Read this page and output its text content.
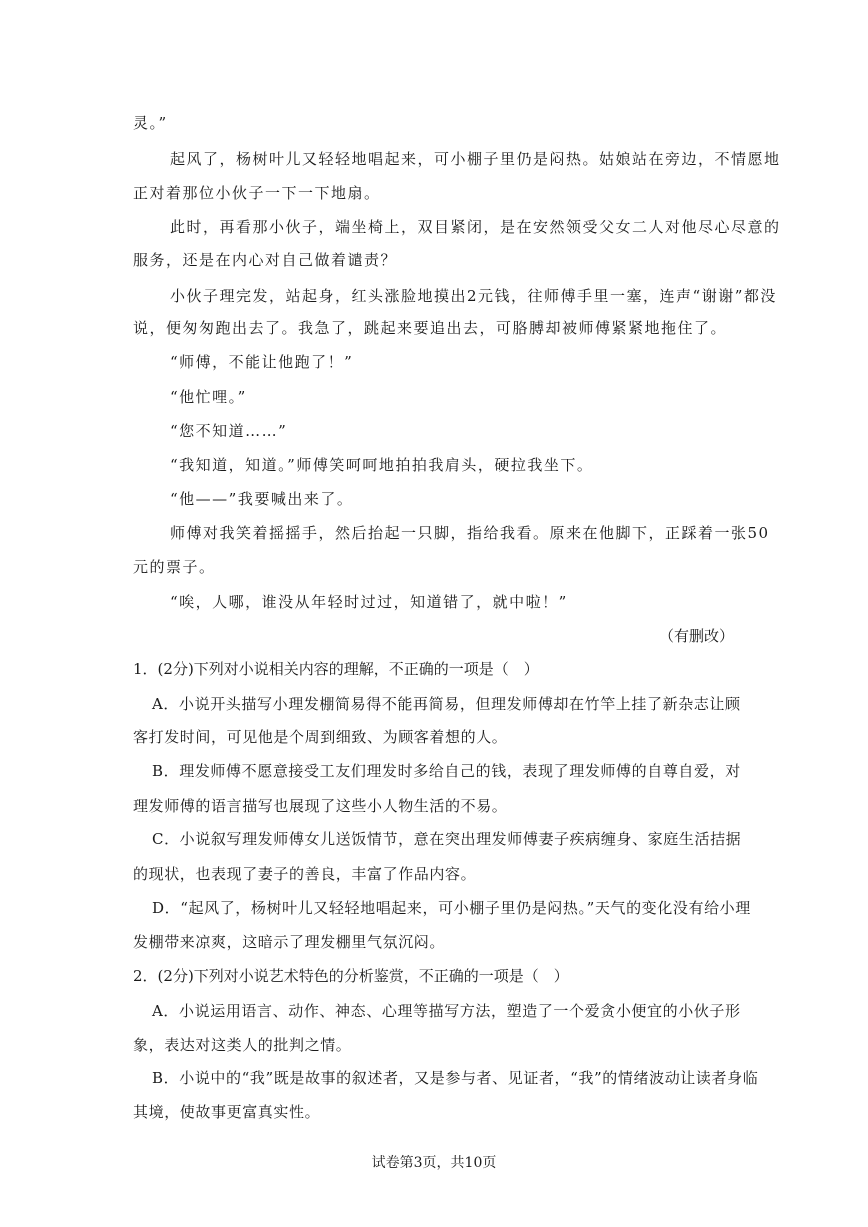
灵。”
起风了，杨树叶儿又轻轻地唱起来，可小棚子里仍是闷热。姑娘站在旁边，不情愿地
正对着那位小伙子一下一下地扇。
此时，再看那小伙子，端坐椅上，双目紧闭，是在安然领受父女二人对他尽心尽意的
服务，还是在内心对自己做着谴责？
小伙子理完发，站起身，红头涨脸地摸出2元钱，往师傅手里一塞，连声“谢谢”都没
说，便匆匆跑出去了。我急了，跳起来要追出去，可胳膊却被师傅紧紧地拖住了。
“师傅，不能让他跑了！”
“他忙哩。”
“您不知道……”
“我知道，知道。”师傅笑呵呵地拍拍我肩头，硬拉我坐下。
“他——”我要喊出来了。
师傅对我笑着摇摇手，然后抬起一只脚，指给我看。原来在他脚下，正踩着一张50
元的票子。
“唉，人哪，谁没从年轻时过过，知道错了，就中啦！”
（有删改）
1．(2分)下列对小说相关内容的理解，不正确的一项是（　）
A．小说开头描写小理发棚简易得不能再简易，但理发师傅却在竹竿上挂了新杂志让顾
客打发时间，可见他是个周到细致、为顾客着想的人。
B．理发师傅不愿意接受工友们理发时多给自己的钱，表现了理发师傅的自尊自爱，对
理发师傅的语言描写也展现了这些小人物生活的不易。
C．小说叙写理发师傅女儿送饭情节，意在突出理发师傅妻子疾病缠身、家庭生活拮据
的现状，也表现了妻子的善良，丰富了作品内容。
D．“起风了，杨树叶儿又轻轻地唱起来，可小棚子里仍是闷热。”天气的变化没有给小理
发棚带来凉爽，这暗示了理发棚里气氛沉闷。
2．(2分)下列对小说艺术特色的分析鉴赏，不正确的一项是（　）
A．小说运用语言、动作、神态、心理等描写方法，塑造了一个爱贪小便宜的小伙子形
象，表达对这类人的批判之情。
B．小说中的“我”既是故事的叙述者，又是参与者、见证者，“我”的情绪波动让读者身临
其境，使故事更富真实性。
试卷第3页，共10页
